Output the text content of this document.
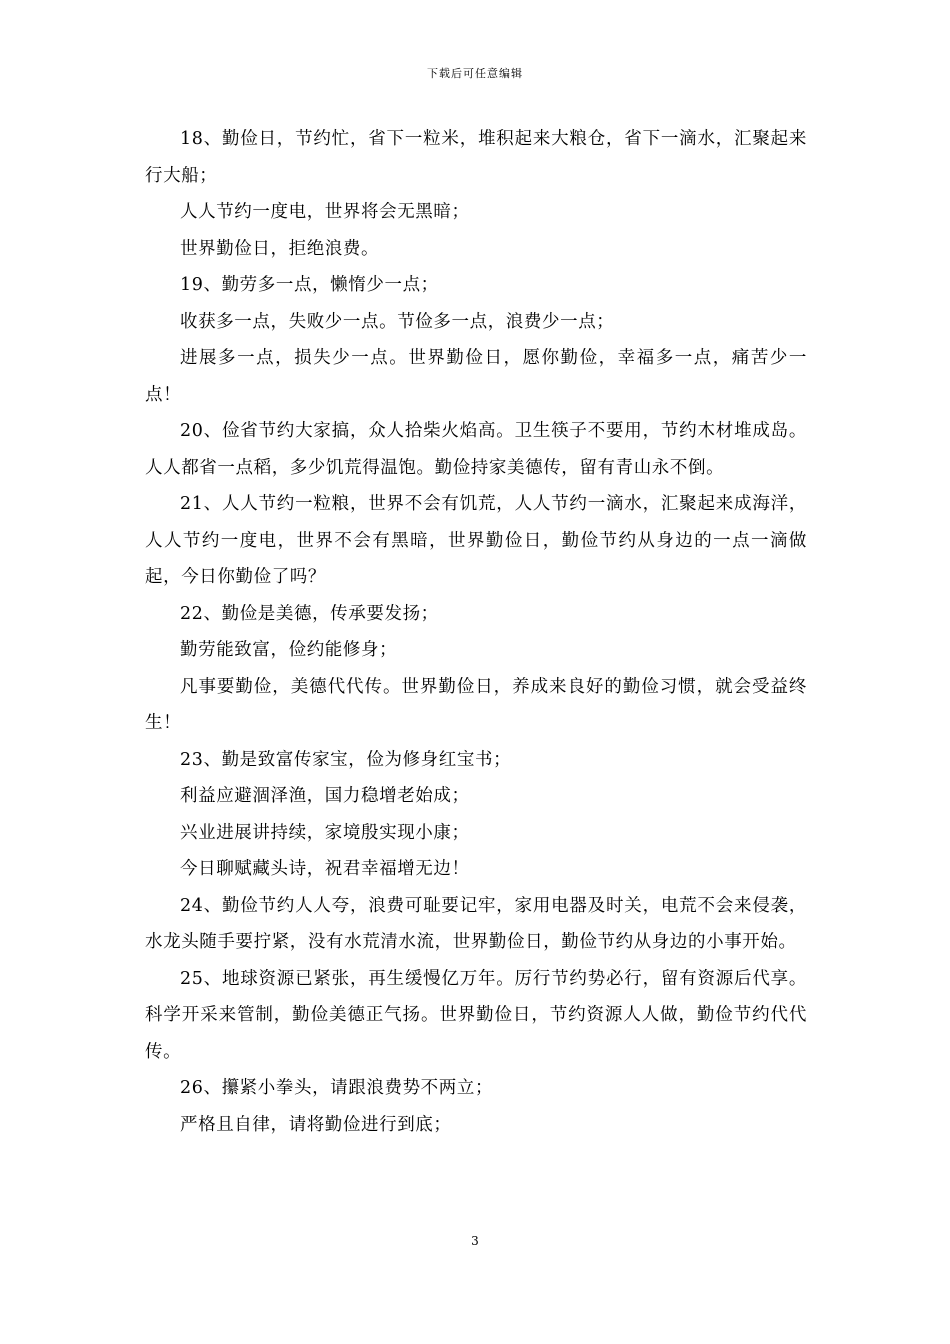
下载后可任意编辑

18、勤俭日，节约忙，省下一粒米，堆积起来大粮仓，省下一滴水，汇聚起来行大船；

人人节约一度电，世界将会无黑暗；

世界勤俭日，拒绝浪费。

19、勤劳多一点，懒惰少一点；

收获多一点，失败少一点。节俭多一点，浪费少一点；

进展多一点，损失少一点。世界勤俭日，愿你勤俭，幸福多一点，痛苦少一点！

20、俭省节约大家搞，众人拾柴火焰高。卫生筷子不要用，节约木材堆成岛。人人都省一点稻，多少饥荒得温饱。勤俭持家美德传，留有青山永不倒。

21、人人节约一粒粮，世界不会有饥荒，人人节约一滴水，汇聚起来成海洋，人人节约一度电，世界不会有黑暗，世界勤俭日，勤俭节约从身边的一点一滴做起，今日你勤俭了吗？

22、勤俭是美德，传承要发扬；

勤劳能致富，俭约能修身；

凡事要勤俭，美德代代传。世界勤俭日，养成来良好的勤俭习惯，就会受益终生！

23、勤是致富传家宝，俭为修身红宝书；

利益应避涸泽渔，国力稳增老始成；

兴业进展讲持续，家境殷实现小康；

今日聊赋藏头诗，祝君幸福增无边！

24、勤俭节约人人夸，浪费可耻要记牢，家用电器及时关，电荒不会来侵袭，水龙头随手要拧紧，没有水荒清水流，世界勤俭日，勤俭节约从身边的小事开始。

25、地球资源已紧张，再生缓慢亿万年。厉行节约势必行，留有资源后代享。科学开采来管制，勤俭美德正气扬。世界勤俭日，节约资源人人做，勤俭节约代代传。

26、攥紧小拳头，请跟浪费势不两立；

严格且自律，请将勤俭进行到底；

3
